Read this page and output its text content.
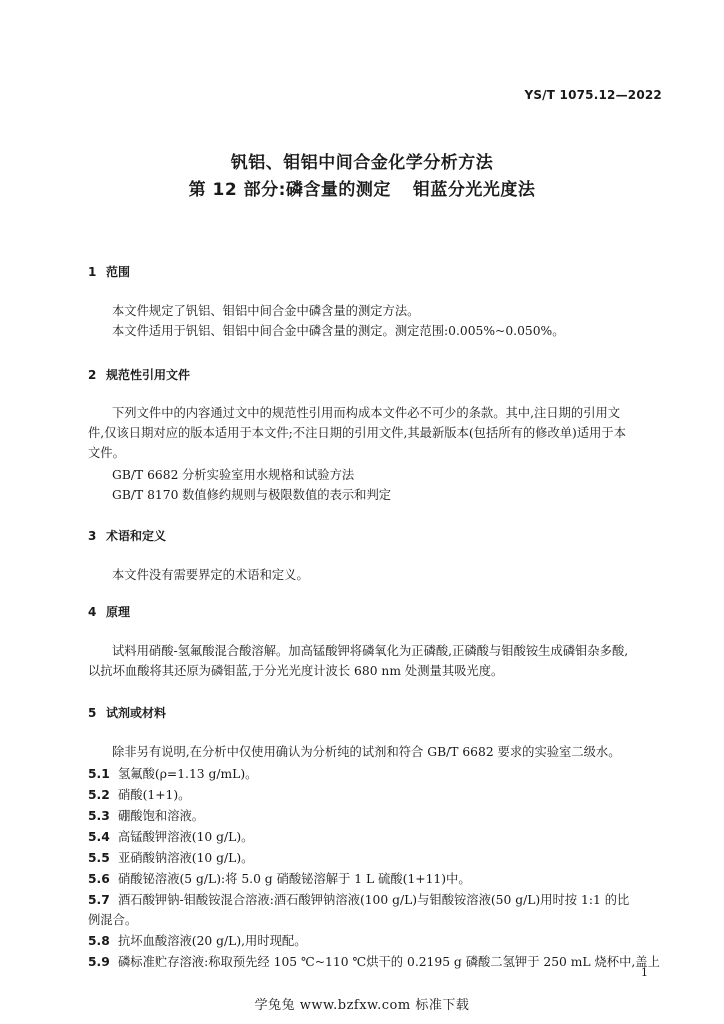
YS/T 1075.12—2022
钒铝、钼铝中间合金化学分析方法
第 12 部分:磷含量的测定 钼蓝分光光度法
1 范围
本文件规定了钒铝、钼铝中间合金中磷含量的测定方法。
本文件适用于钒铝、钼铝中间合金中磷含量的测定。测定范围:0.005%~0.050%。
2 规范性引用文件
下列文件中的内容通过文中的规范性引用而构成本文件必不可少的条款。其中,注日期的引用文
件,仅该日期对应的版本适用于本文件;不注日期的引用文件,其最新版本(包括所有的修改单)适用于本
文件。
GB/T 6682 分析实验室用水规格和试验方法
GB/T 8170 数值修约规则与极限数值的表示和判定
3 术语和定义
本文件没有需要界定的术语和定义。
4 原理
试料用硝酸-氢氟酸混合酸溶解。加高锰酸钾将磷氧化为正磷酸,正磷酸与钼酸铵生成磷钼杂多酸,
以抗坏血酸将其还原为磷钼蓝,于分光光度计波长 680 nm 处测量其吸光度。
5 试剂或材料
除非另有说明,在分析中仅使用确认为分析纯的试剂和符合 GB/T 6682 要求的实验室二级水。
5.1 氢氟酸(ρ=1.13 g/mL)。
5.2 硝酸(1+1)。
5.3 硼酸饱和溶液。
5.4 高锰酸钾溶液(10 g/L)。
5.5 亚硝酸钠溶液(10 g/L)。
5.6 硝酸铋溶液(5 g/L):将 5.0 g 硝酸铋溶解于 1 L 硫酸(1+11)中。
5.7 酒石酸钾钠-钼酸铵混合溶液:酒石酸钾钠溶液(100 g/L)与钼酸铵溶液(50 g/L)用时按 1:1 的比
例混合。
5.8 抗坏血酸溶液(20 g/L),用时现配。
5.9 磷标准贮存溶液:称取预先经 105 ℃~110 ℃烘干的 0.2195 g 磷酸二氢钾于 250 mL 烧杯中,盖上
1
学兔兔 www.bzfxw.com 标准下载
